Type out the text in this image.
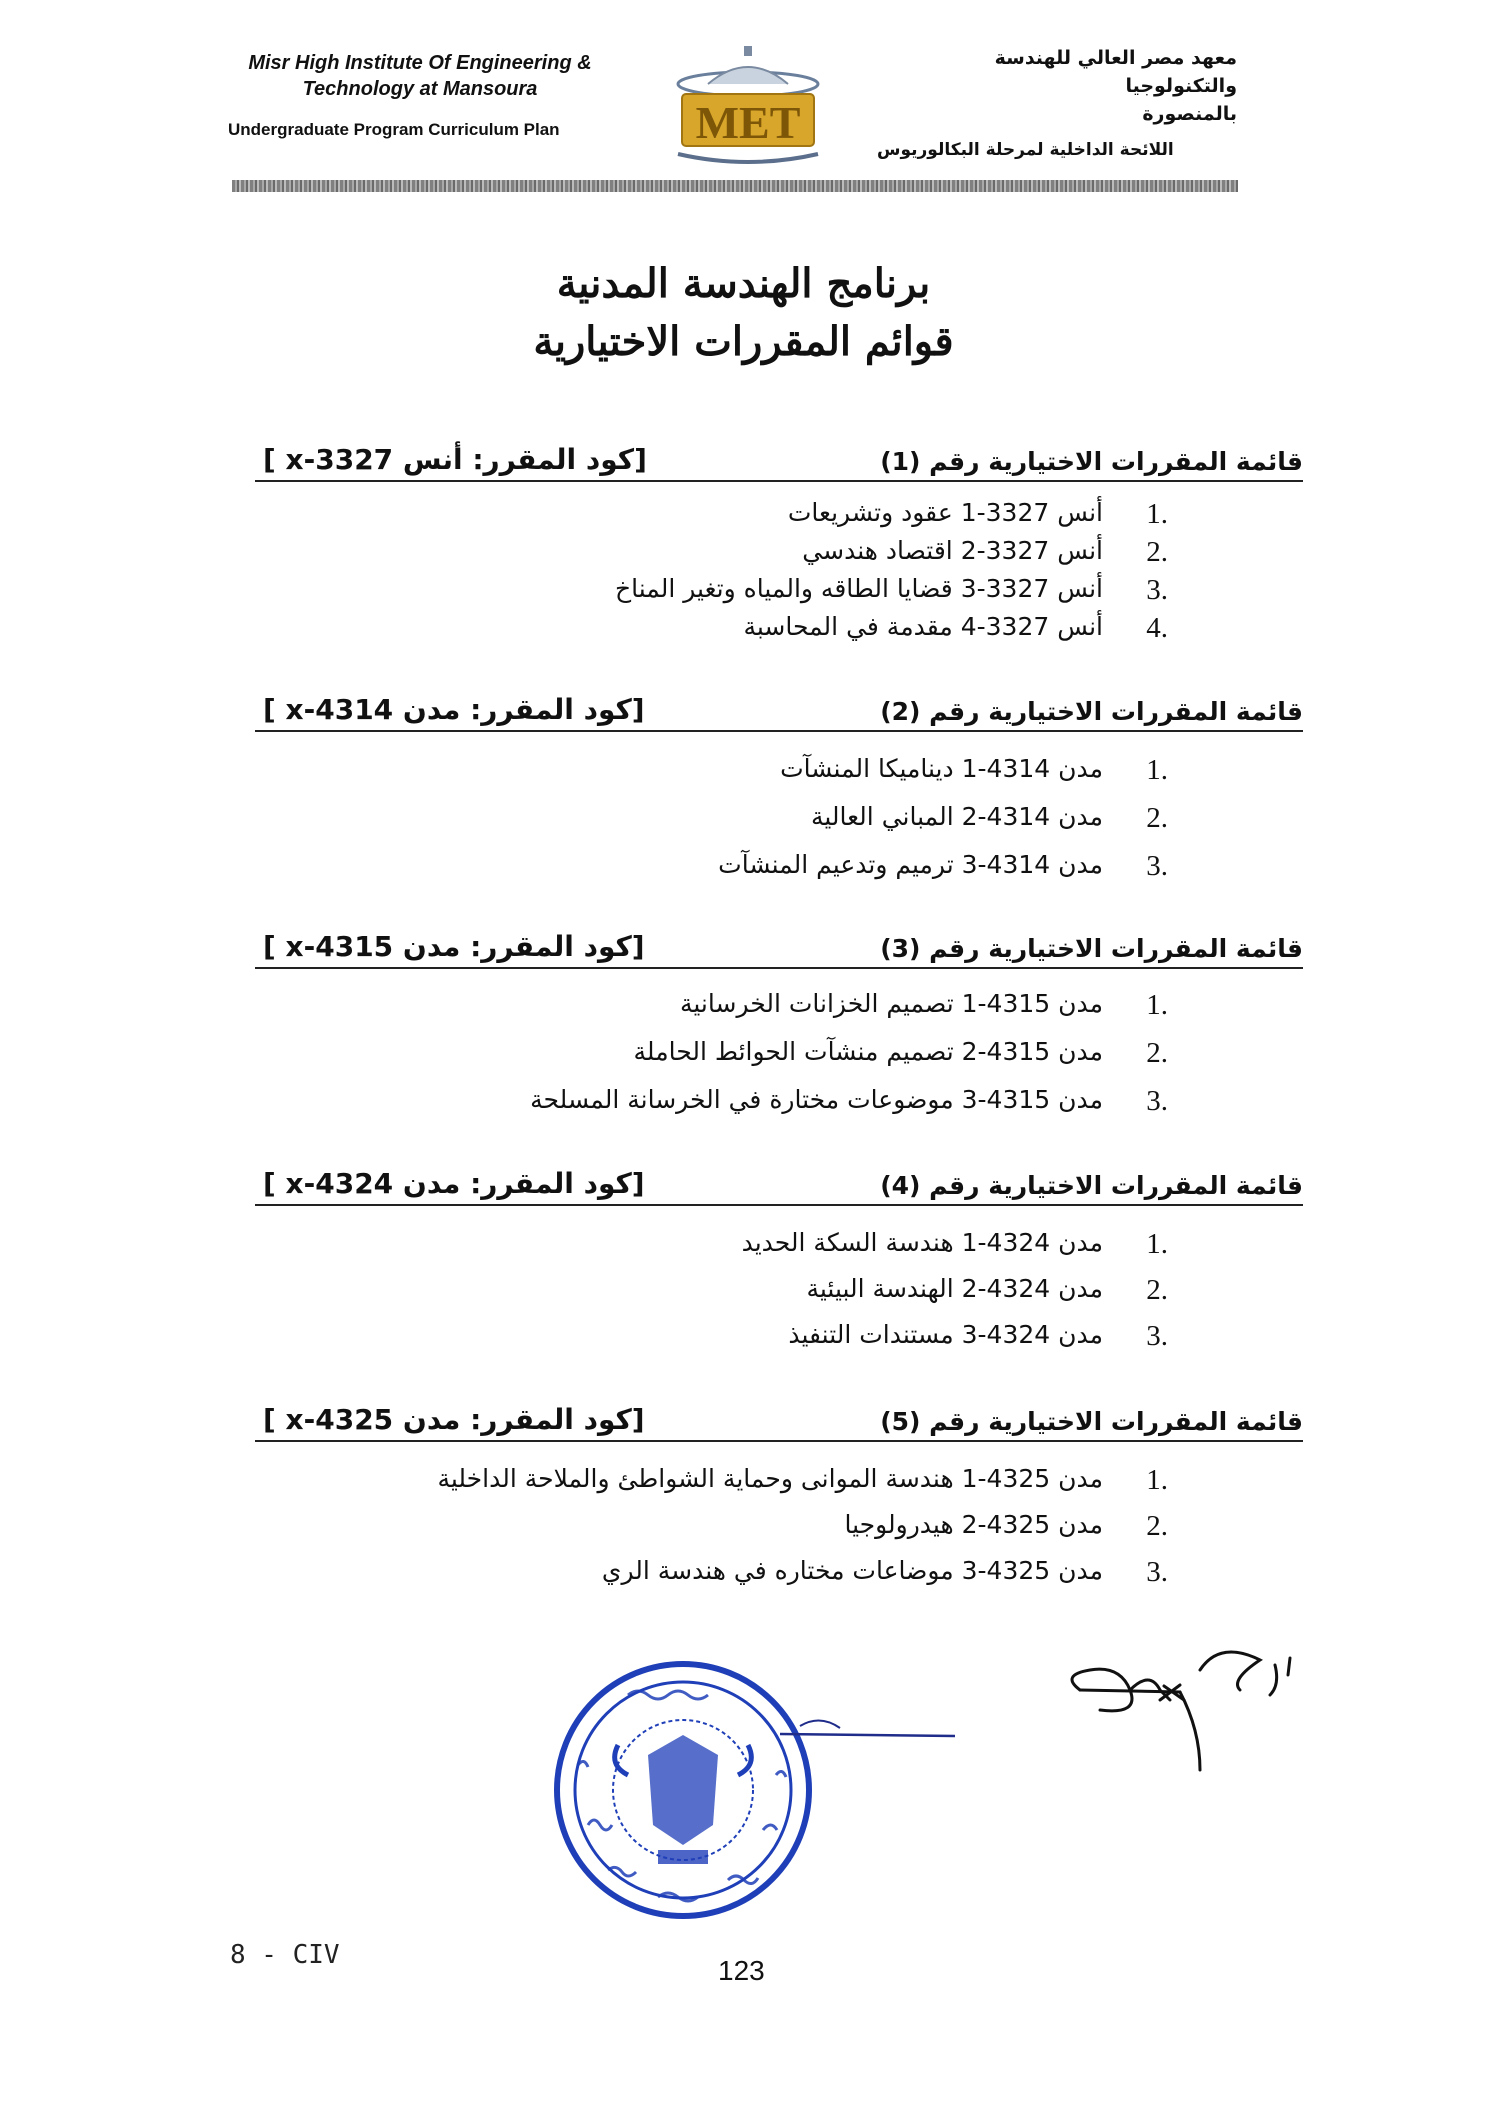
Misr High Institute Of Engineering &
Technology at Mansoura
Undergraduate Program Curriculum Plan	MET
معهد مصر العالي للهندسة والتكنولوجيا
بالمنصورة
اللائحة الداخلية لمرحلة البكالوريوس
برنامج الهندسة المدنية
قوائم المقررات الاختيارية
قائمة المقررات الاختيارية رقم (1)
[كود المقرر: أنس 3327-x ]
1.
أنس 3327-1 عقود وتشريعات
2.
أنس 3327-2 اقتصاد هندسي
3.
أنس 3327-3 قضايا الطاقه والمياه وتغير المناخ
4.
أنس 3327-4 مقدمة في المحاسبة
قائمة المقررات الاختيارية رقم (2)
[كود المقرر: مدن 4314-x ]
1.
مدن 4314-1 ديناميكا المنشآت
2.
مدن 4314-2 المباني العالية
3.
مدن 4314-3 ترميم وتدعيم المنشآت
قائمة المقررات الاختيارية رقم (3)
[كود المقرر: مدن 4315-x ]
1.
مدن 4315-1 تصميم الخزانات الخرسانية
2.
مدن 4315-2 تصميم منشآت الحوائط الحاملة
3.
مدن 4315-3 موضوعات مختارة في الخرسانة المسلحة
قائمة المقررات الاختيارية رقم (4)
[كود المقرر: مدن 4324-x ]
1.
مدن 4324-1 هندسة السكة الحديد
2.
مدن 4324-2 الهندسة البيئية
3.
مدن 4324-3 مستندات التنفيذ
قائمة المقررات الاختيارية رقم (5)
[كود المقرر: مدن 4325-x ]
1.
مدن 4325-1 هندسة الموانى وحماية الشواطئ والملاحة الداخلية
2.
مدن 4325-2 هيدرولوجيا
3.
مدن 4325-3 موضاعات مختاره في هندسة الري
8 - CIV	123
